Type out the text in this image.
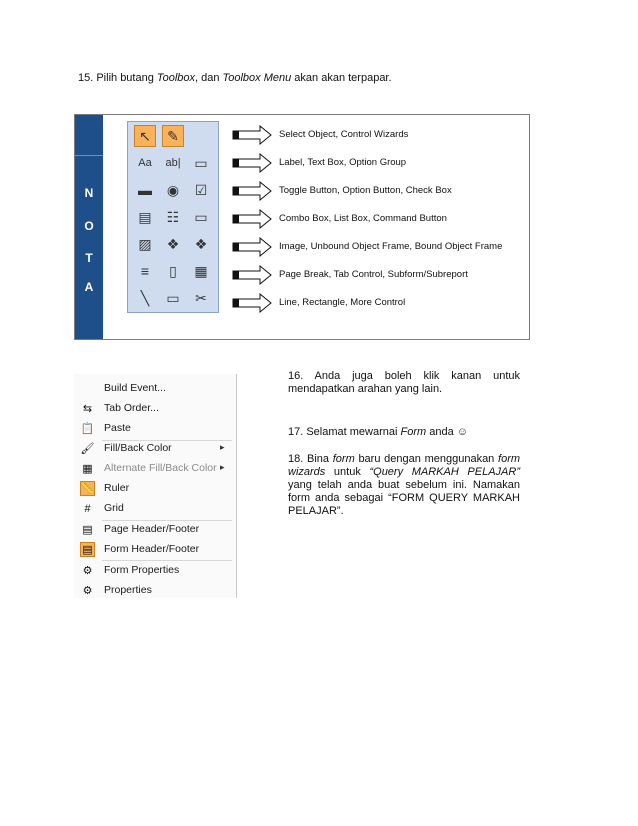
15. Pilih butang Toolbox, dan Toolbox Menu akan akan terpapar.
N
O
T
A
↖	✎
Aa	ab| ▭
▬	◉	☑
▤	☷	▭
▨	❖	❖
≡	▯	▦
╲	▭	✂
Select Object, Control Wizards
Label, Text Box, Option Group
Toggle Button, Option Button, Check Box
Combo Box, List Box, Command Button
Image, Unbound Object Frame, Bound Object Frame
Page Break, Tab Control, Subform/Subreport
Line, Rectangle, More Control
Build Event...
⇆ Tab Order...
📋 Paste
🖌 Fill/Back Color	▸
▦ Alternate Fill/Back Color ▸
📏 Ruler
#	Grid
▤ Page Header/Footer
▤ Form Header/Footer
⚙ Form Properties
⚙ Properties
16. Anda juga boleh klik kanan untuk mendapatkan arahan yang lain.
17. Selamat mewarnai Form anda ☺
18. Bina form baru dengan menggunakan form wizards untuk “Query MARKAH PELAJAR” yang telah anda buat sebelum ini. Namakan form anda sebagai “FORM QUERY MARKAH PELAJAR”.
